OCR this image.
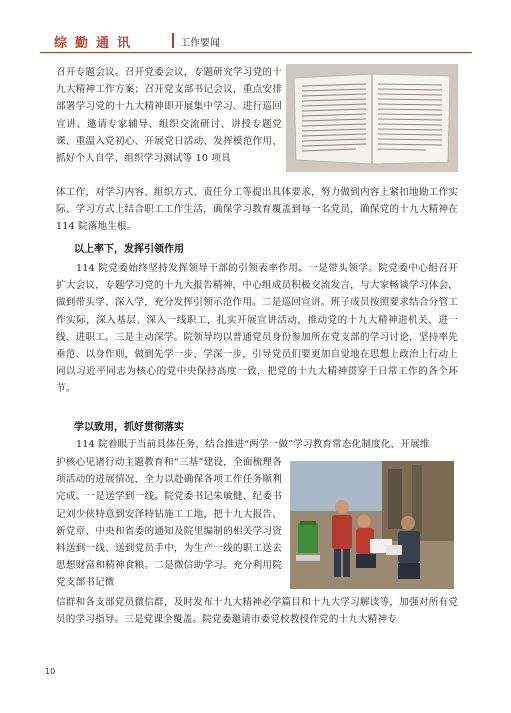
综勤通讯	工作要闻

召开专题会议。召开党委会议，专题研究学习党的十九大精神工作方案；召开党支部书记会议，重点安排部署学习党的十九大精神即开展集中学习、进行巡回宣讲、邀请专家辅导、组织交流研讨、讲授专题党课、重温入党初心、开展党日活动、发挥模范作用、抓好个人自学、组织学习测试等 10 项具

体工作，对学习内容、组织方式、责任分工等提出具体要求，努力做到内容上紧扣地勘工作实际、学习方式上结合职工工作生活，确保学习教育覆盖到每一名党员，确保党的十九大精神在 114 院落地生根。

以上率下，发挥引领作用

114 院党委始终坚持发挥领导干部的引领表率作用。一是带头领学。院党委中心组召开扩大会议，专题学习党的十九大报告精神，中心组成员积极交流发言，与大家畅谈学习体会，做到带头学、深入学，充分发挥引领示范作用。二是巡回宣讲。班子成员按照要求结合分管工作实际，深入基层、深入一线职工，扎实开展宣讲活动，推动党的十九大精神进机关、进一线、进职工。三是主动深学。院领导均以普通党员身份参加所在党支部的学习讨论，坚持率先垂范、以身作则，做到先学一步、学深一步，引导党员们要更加自觉地在思想上政治上行动上同以习近平同志为核心的党中央保持高度一致，把党的十九大精神贯穿于日常工作的各个环节。

学以致用，抓好贯彻落实

114 院着眼于当前具体任务，结合推进“两学一做”学习教育常态化制度化、开展维

护核心见诸行动主题教育和“三基”建设，全面梳理各项活动的进展情况，全力以赴确保各项工作任务顺利完成。一是送学到一线。院党委书记朱敏健、纪委书记刘少侠特意到安泽特钻施工工地，把十九大报告、新党章、中央和省委的通知及院里编制的相关学习资料送到一线、送到党员手中，为生产一线的职工送去思想财富和精神食粮。二是微信助学习。充分利用院党支部书记微

信群和各支部党员微信群，及时发布十九大精神必学篇目和十九大学习解读等，加强对所有党员的学习指导。三是党课全覆盖。院党委邀请市委党校教授作党的十九大精神专

10
